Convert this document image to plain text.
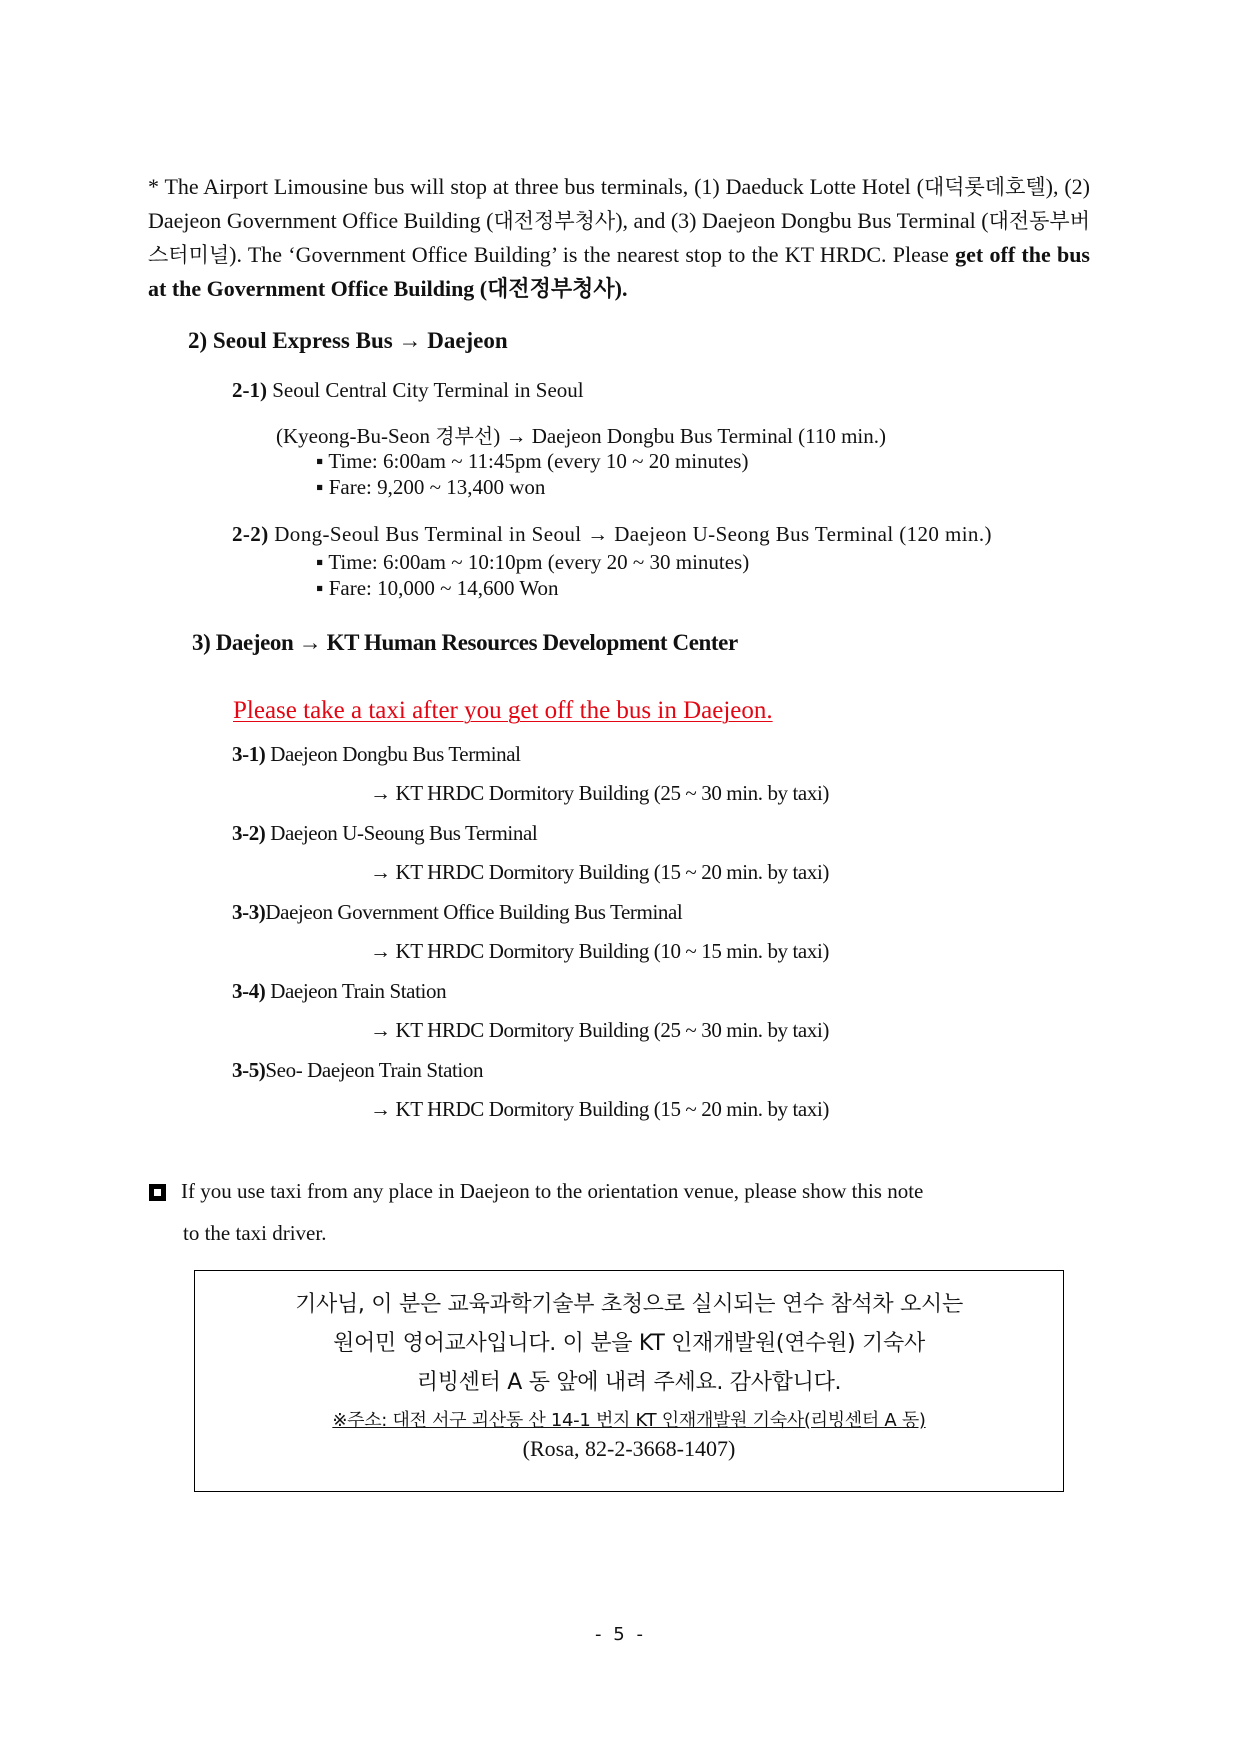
* The Airport Limousine bus will stop at three bus terminals, (1) Daeduck Lotte Hotel (대덕롯데호텔), (2) Daejeon Government Office Building (대전정부청사), and (3) Daejeon Dongbu Bus Terminal (대전동부버스터미널). The ‘Government Office Building’ is the nearest stop to the KT HRDC. Please get off the bus at the Government Office Building (대전정부청사).
2) Seoul Express Bus → Daejeon
2-1) Seoul Central City Terminal in Seoul
(Kyeong-Bu-Seon 경부선) → Daejeon Dongbu Bus Terminal (110 min.)
▪ Time: 6:00am ~ 11:45pm (every 10 ~ 20 minutes)
▪ Fare: 9,200 ~ 13,400 won
2-2) Dong-Seoul Bus Terminal in Seoul → Daejeon U-Seong Bus Terminal (120 min.)
▪ Time: 6:00am ~ 10:10pm (every 20 ~ 30 minutes)
▪ Fare: 10,000 ~ 14,600 Won
3) Daejeon → KT Human Resources Development Center
Please take a taxi after you get off the bus in Daejeon.
3-1) Daejeon Dongbu Bus Terminal
→ KT HRDC Dormitory Building (25 ~ 30 min. by taxi)
3-2) Daejeon U-Seoung Bus Terminal
→ KT HRDC Dormitory Building (15 ~ 20 min. by taxi)
3-3)Daejeon Government Office Building Bus Terminal
→ KT HRDC Dormitory Building (10 ~ 15 min. by taxi)
3-4) Daejeon Train Station
→ KT HRDC Dormitory Building (25 ~ 30 min. by taxi)
3-5)Seo- Daejeon Train Station
→ KT HRDC Dormitory Building (15 ~ 20 min. by taxi)
If you use taxi from any place in Daejeon to the orientation venue, please show this note
to the taxi driver.
기사님, 이 분은 교육과학기술부 초청으로 실시되는 연수 참석차 오시는
원어민 영어교사입니다. 이 분을 KT 인재개발원(연수원) 기숙사
리빙센터 A 동 앞에 내려 주세요. 감사합니다.
※주소: 대전 서구 괴산동 산 14-1 번지 KT 인재개발원 기숙사(리빙센터 A 동)
(Rosa, 82-2-3668-1407)
- 5 -
